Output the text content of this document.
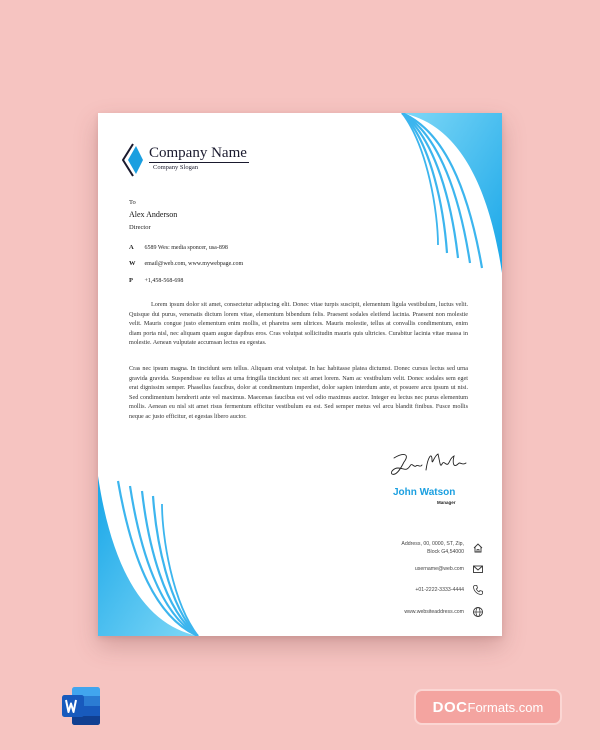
Company Name
Company Slogan
To
Alex Anderson
Director
A 6589 Wes: media sponcer, usa-898
W email@web.com, www.mywebpage.com
P +1,458-568-698

Lorem ipsum dolor sit amet, consectetur adipiscing elit. Donec vitae turpis suscipit, elementum ligula vestibulum, luctus velit. Quisque dui purus, venenatis dictum lorem vitae, elementum bibendum felis. Praesent sodales eleifend lacinia. Praesent non molestie velit. Mauris congue justo elementum enim mollis, et pharetra sem ultrices. Mauris molestie, tellus at convallis condimentum, enim diam porta nisl, nec aliquam quam augue dapibus eros. Cras volutpat sollicitudin mauris quis ultricies. Curabitur lacinia vitae massa in molestie. Aenean vulputate accumsan lectus eu egestas.

Cras nec ipsum magna. In tincidunt sem tellus. Aliquam erat volutpat. In hac habitasse platea dictumst. Donec cursus lectus sed urna gravida gravida. Suspendisse eu tellus at urna fringilla tincidunt nec sit amet lorem. Nam ac vestibulum velit. Donec sodales sem eget erat dignissim semper. Phasellus faucibus, dolor at condimentum imperdiet, dolor sapien interdum ante, et posuere arcu ipsum ut nisi. Sed condimentum hendrerit ante vel maximus. Maecenas faucibus est vel odio maximus auctor. Integer eu lectus nec purus elementum mollis. Aenean eu nisl sit amet risus fermentum efficitur vestibulum eu est. Sed semper metus vel arcu blandit finibus. Fusce mollis neque ac justo efficitur, et egestas libero auctor.

John Watson
Manager
Address, 00, 0000, ST, Zip,
Block G4,54000
username@web.com
+01-2222-3333-4444
www.websiteaddress.com
DOC Formats.com
